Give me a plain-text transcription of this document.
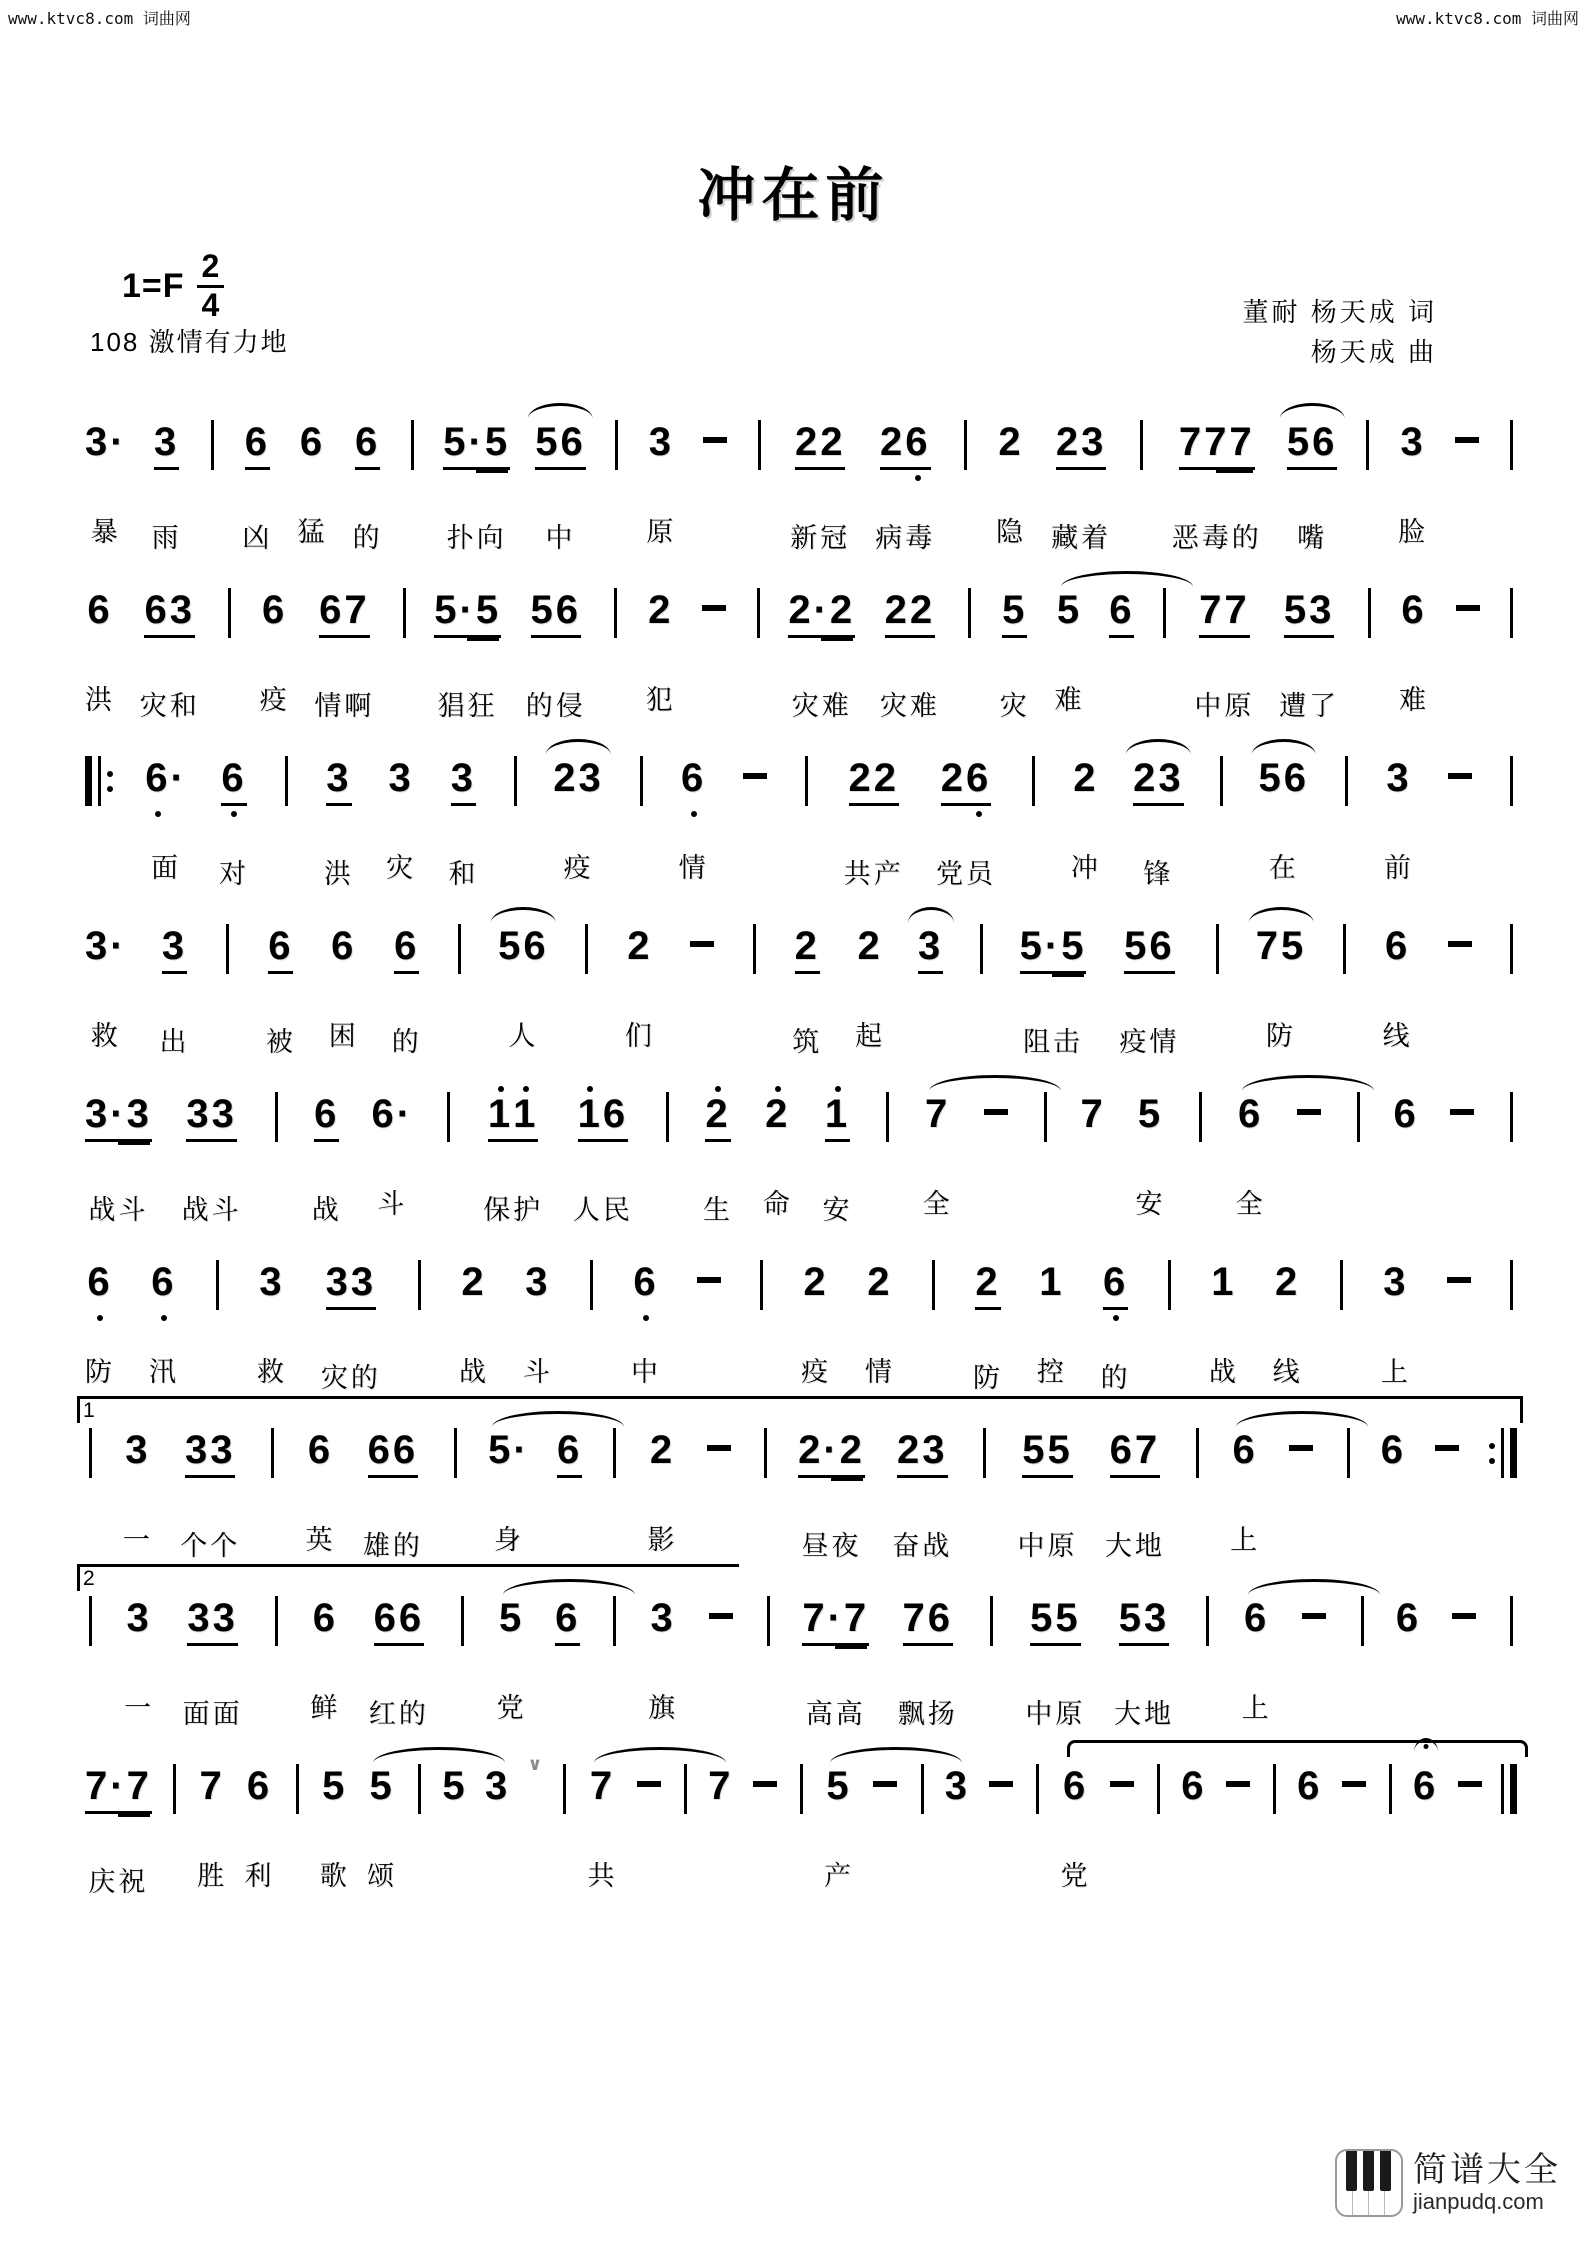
www.ktvc8.com 词曲网	www.ktvc8.com 词曲网
冲在前
$1=F \frac{2}{4}$
108 激情有力地
董耐 杨天成 词
杨天成 曲
3·
暴
3
雨

6
凶
6
猛
6
的

5·5
扑向
56
中

3
原

22
新冠
26
病毒

2
隐
23
藏着

777
恶毒的
56
嘴

3
脸

6
洪
63
灾和

6
疫
67
情啊

5·5
猖狂
56
的侵

2
犯

2·2
灾难
22
灾难

5
灾
5
难
6

77
中原
53
遭了

6
难

6·
面
6
对

3
洪
3
灾
3
和

23
疫

6
情

22
共产
26
党员

2
冲
23
锋

56
在

3
前

3·
救
3
出

6
被
6
困
6
的

56
人

2
们

2
筑
2
起
3

5·5
阻击
56
疫情

75
防

6
线

3·3
战斗
33
战斗

6
战
6·
斗

11
保护
16
人民

2
生
2
命
1
安

7
全

7
5
安

6
全

6

6
防
6
汛

3
救
33
灾的

2
战
3
斗

6
中

2
疫
2
情

2
防
1
控
6
的

1
战
2
线

3
上

1

3
一
33
个个

6
英
66
雄的

5·
身
6

2
影

2·2
昼夜
23
奋战

55
中原
67
大地

6
上

6

2

3
一
33
面面

6
鲜
66
红的

5
党
6

3
旗

7·7
高高
76
飘扬

55
中原
53
大地

6
上

6

7·7
庆祝

7
胜
6
利

5
歌
5
颂

5
3
∨
7
共

7

5
产

3

6
党

6

6

6

简谱大全
jianpudq.com
